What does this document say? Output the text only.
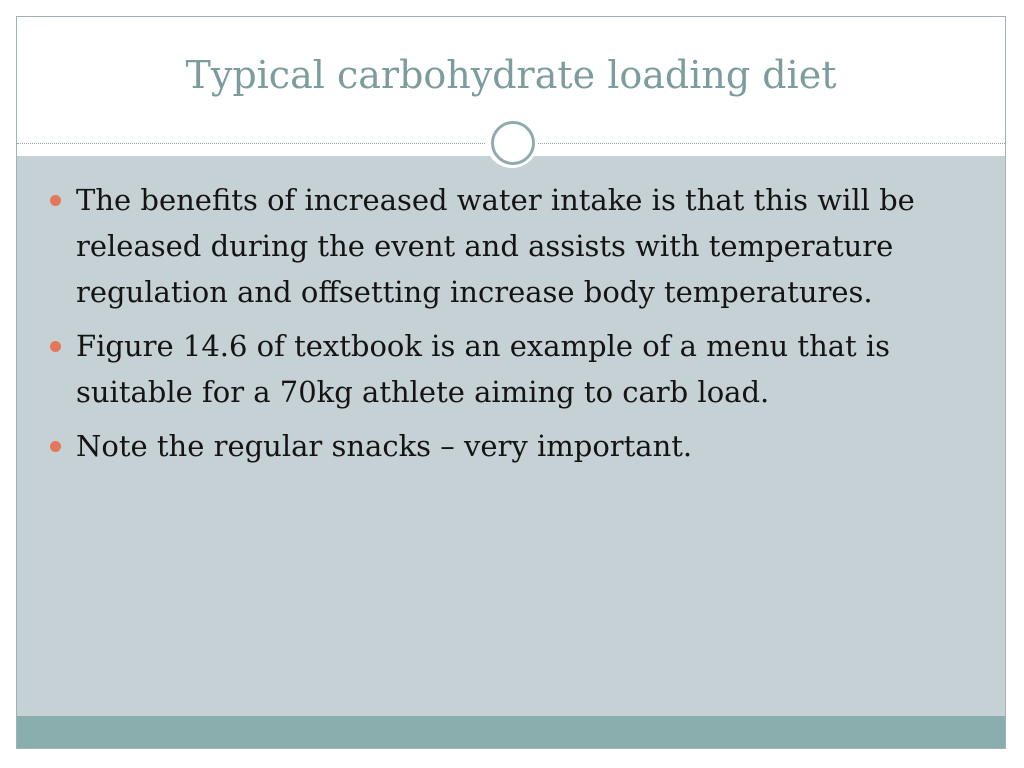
Typical carbohydrate loading diet
The benefits of increased water intake is that this will be released during the event and assists with temperature regulation and offsetting increase body temperatures.
Figure 14.6 of textbook is an example of a menu that is suitable for a 70kg athlete aiming to carb load.
Note the regular snacks – very important.
